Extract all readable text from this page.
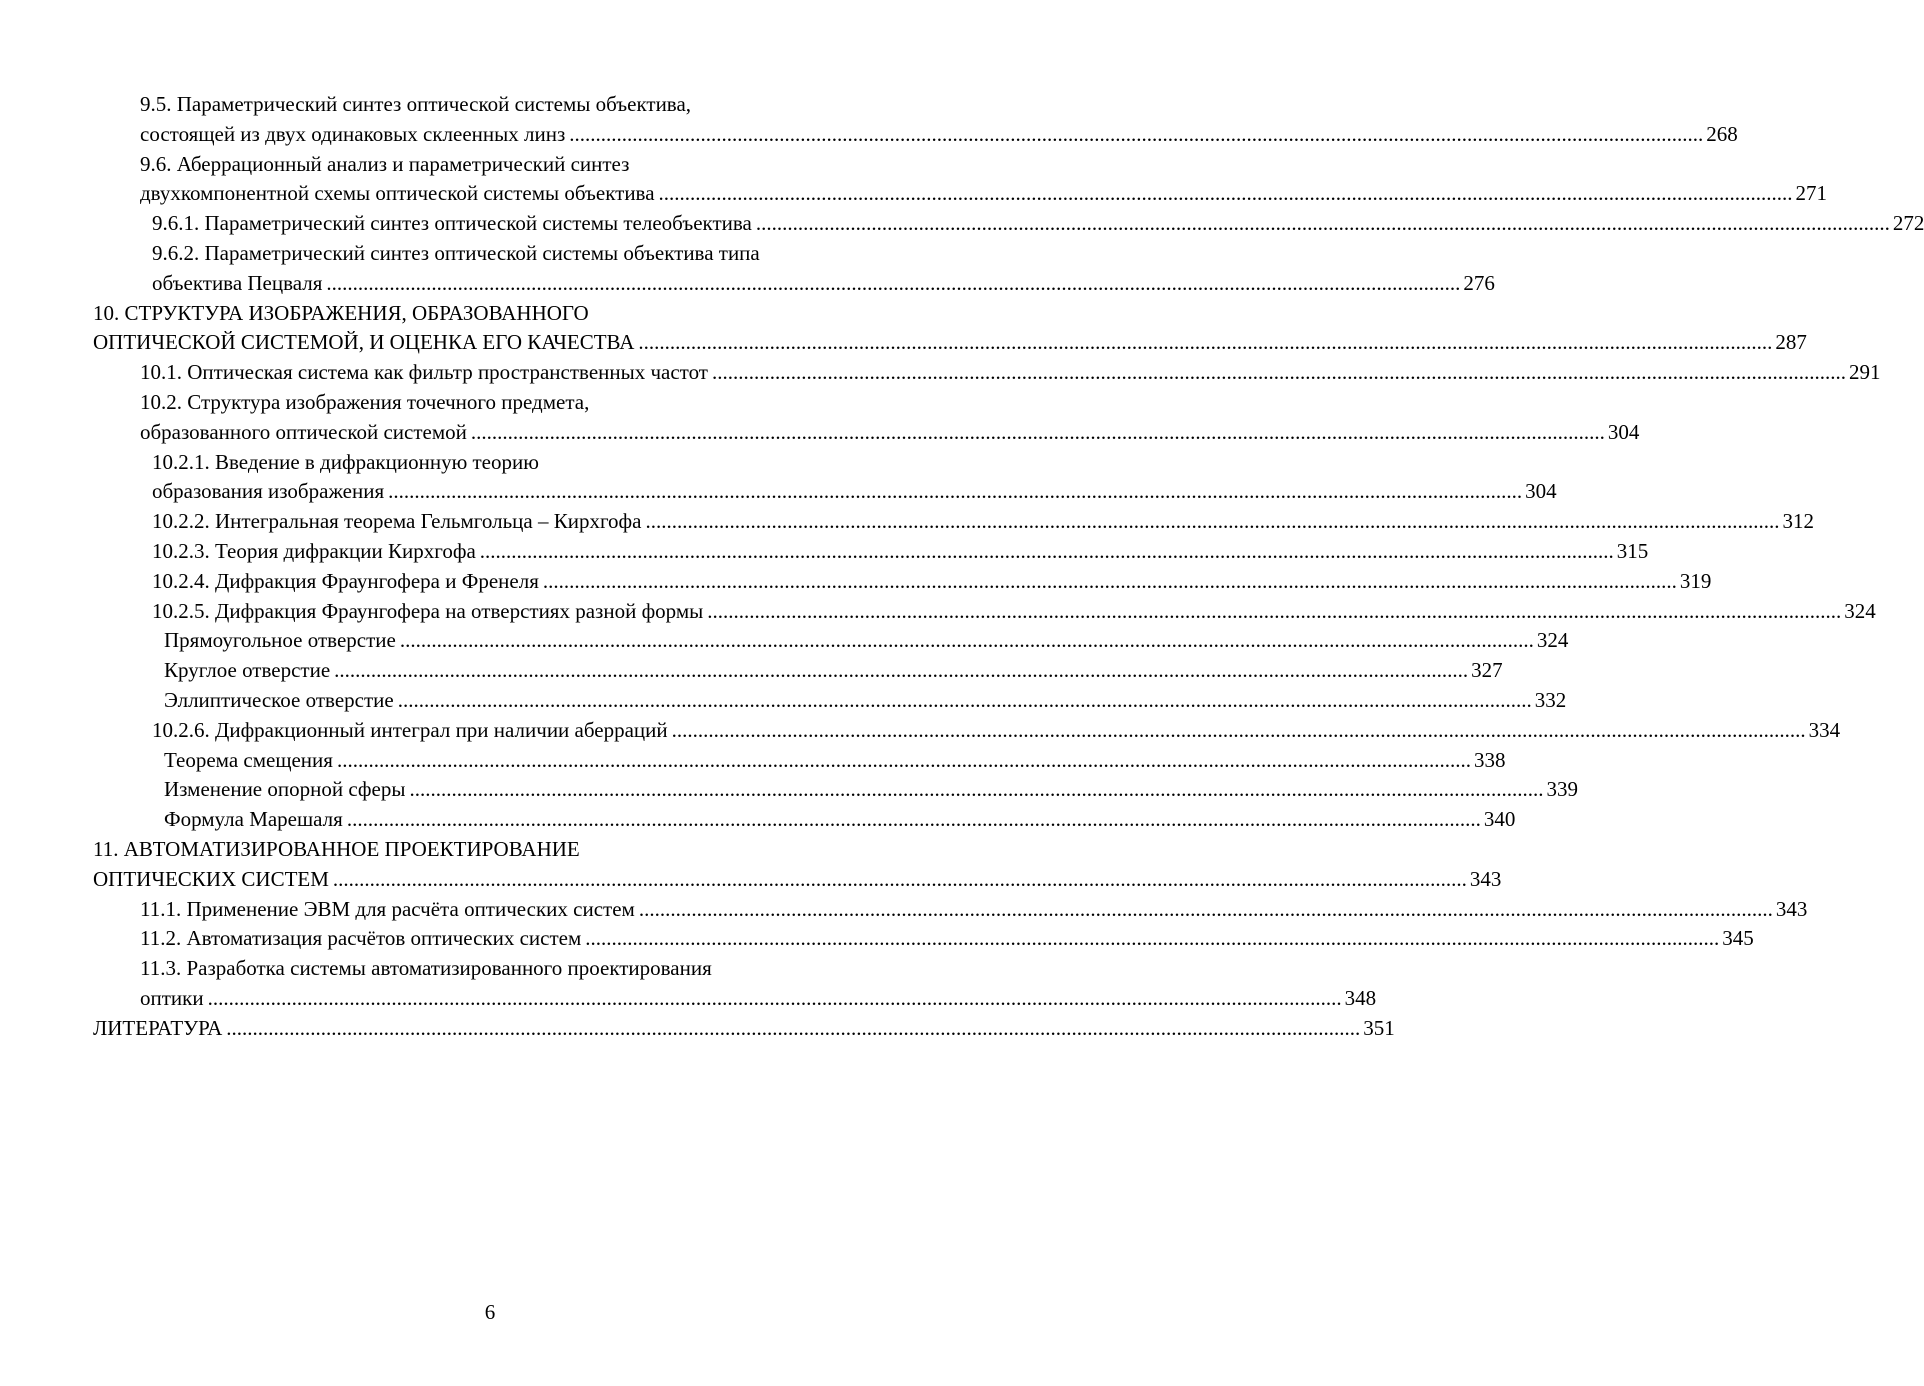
9.5. Параметрический синтез оптической системы объектива,
состоящей из двух одинаковых склеенных линз .....	268
9.6. Аберрационный анализ и параметрический синтез
двухкомпонентной схемы оптической системы объектива .....	271
9.6.1. Параметрический синтез оптической системы телеобъектива .....	272
9.6.2. Параметрический синтез оптической системы объектива типа
объектива Пецваля .....	276
10. СТРУКТУРА ИЗОБРАЖЕНИЯ, ОБРАЗОВАННОГО
ОПТИЧЕСКОЙ СИСТЕМОЙ, И ОЦЕНКА ЕГО КАЧЕСТВА .....	287
10.1. Оптическая система как фильтр пространственных частот .....	291
10.2. Структура изображения точечного предмета,
образованного оптической системой .....	304
10.2.1. Введение в дифракционную теорию
образования изображения .....	304
10.2.2. Интегральная теорема Гельмгольца – Кирхгофа .....	312
10.2.3. Теория дифракции Кирхгофа .....	315
10.2.4. Дифракция Фраунгофера и Френеля .....	319
10.2.5. Дифракция Фраунгофера на отверстиях разной формы .....	324
Прямоугольное отверстие .....	324
Круглое отверстие .....	327
Эллиптическое отверстие .....	332
10.2.6. Дифракционный интеграл при наличии аберраций .....	334
Теорема смещения .....	338
Изменение опорной сферы .....	339
Формула Марешаля .....	340
11. АВТОМАТИЗИРОВАННОЕ ПРОЕКТИРОВАНИЕ
ОПТИЧЕСКИХ СИСТЕМ .....	343
11.1. Применение ЭВМ для расчёта оптических систем .....	343
11.2. Автоматизация расчётов оптических систем .....	345
11.3. Разработка системы автоматизированного проектирования
оптики .....	348
ЛИТЕРАТУРА .....	351
6
